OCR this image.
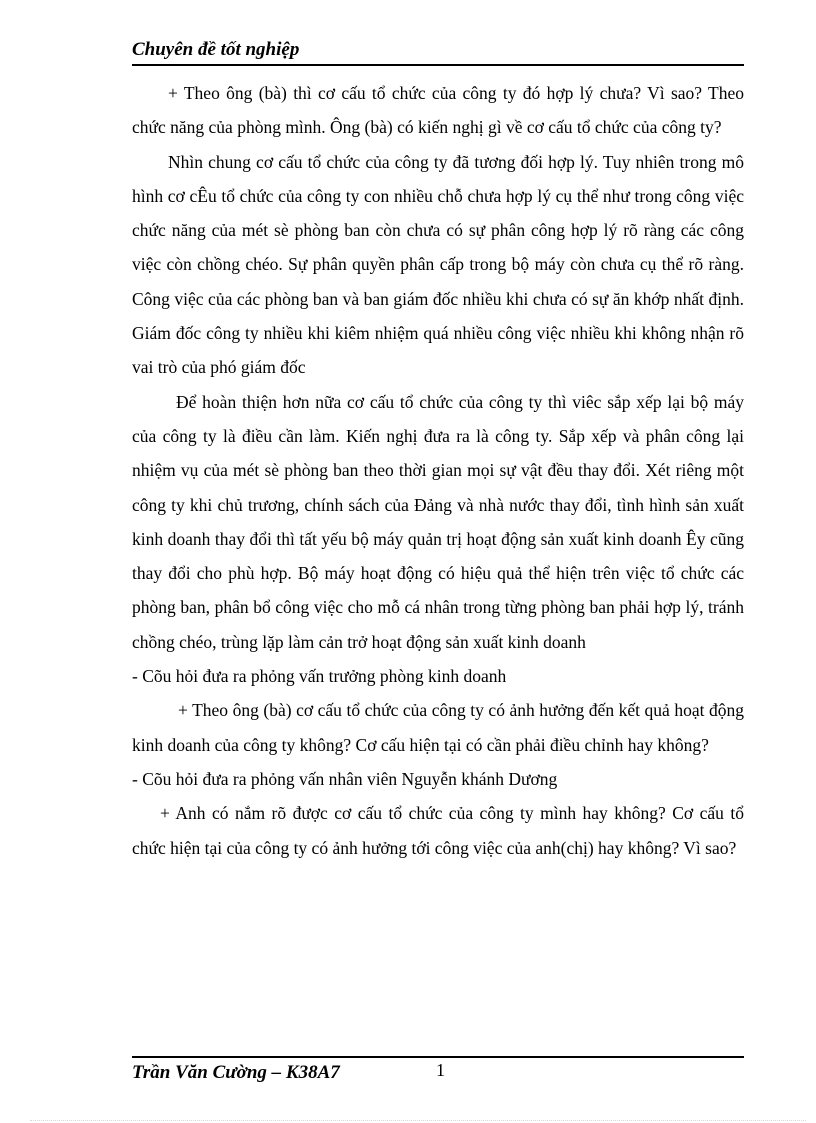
Chuyên đề tốt nghiệp

+ Theo ông (bà) thì cơ cấu tổ chức của công ty đó hợp lý chưa? Vì sao? Theo chức năng của phòng mình. Ông (bà) có kiến nghị gì về cơ cấu tổ chức của công ty?

Nhìn chung cơ cấu tổ chức của công ty đã tương đối hợp lý. Tuy nhiên trong mô hình cơ cÊu tổ chức của công ty con nhiều chỗ chưa hợp lý cụ thể như trong công việc chức năng của mét sè phòng ban còn chưa có sự phân công hợp lý rõ ràng các công việc còn chồng chéo. Sự phân quyền phân cấp trong bộ máy còn chưa cụ thể rõ ràng. Công việc của các phòng ban và ban giám đốc nhiều khi chưa có sự ăn khớp nhất định. Giám đốc công ty nhiều khi kiêm nhiệm quá nhiều công việc nhiều khi không nhận rõ vai trò của phó giám đốc

Để hoàn thiện hơn nữa cơ cấu tổ chức của công ty thì viêc sắp xếp lại bộ máy của công ty là điều cần làm. Kiến nghị đưa ra là công ty. Sắp xếp và phân công lại nhiệm vụ của mét sè phòng ban theo thời gian mọi sự vật đều thay đổi. Xét riêng một công ty khi chủ trương, chính sách của Đảng và nhà nước thay đổi, tình hình sản xuất kinh doanh thay đổi thì tất yếu bộ máy quản trị hoạt động sản xuất kinh doanh Êy cũng thay đổi cho phù hợp. Bộ máy hoạt động có hiệu quả thể hiện trên việc tổ chức các phòng ban, phân bổ công việc cho mỗ cá nhân trong từng phòng ban phải hợp lý, tránh chồng chéo, trùng lặp làm cản trở hoạt động sản xuất kinh doanh

- Cõu hỏi đưa ra phỏng vấn trưởng phòng kinh doanh

+ Theo ông (bà) cơ cấu tổ chức của công ty có ảnh hưởng đến kết quả hoạt động kinh doanh của công ty không? Cơ cấu hiện tại có cần phải điều chỉnh hay không?

- Cõu hỏi đưa ra phỏng vấn nhân viên Nguyễn khánh Dương

+ Anh có nắm rõ được cơ cấu tổ chức của công ty mình hay không? Cơ cấu tổ chức hiện tại của công ty có ảnh hưởng tới công việc của anh(chị) hay không? Vì sao?

Trần Văn Cường – K38A7	1
